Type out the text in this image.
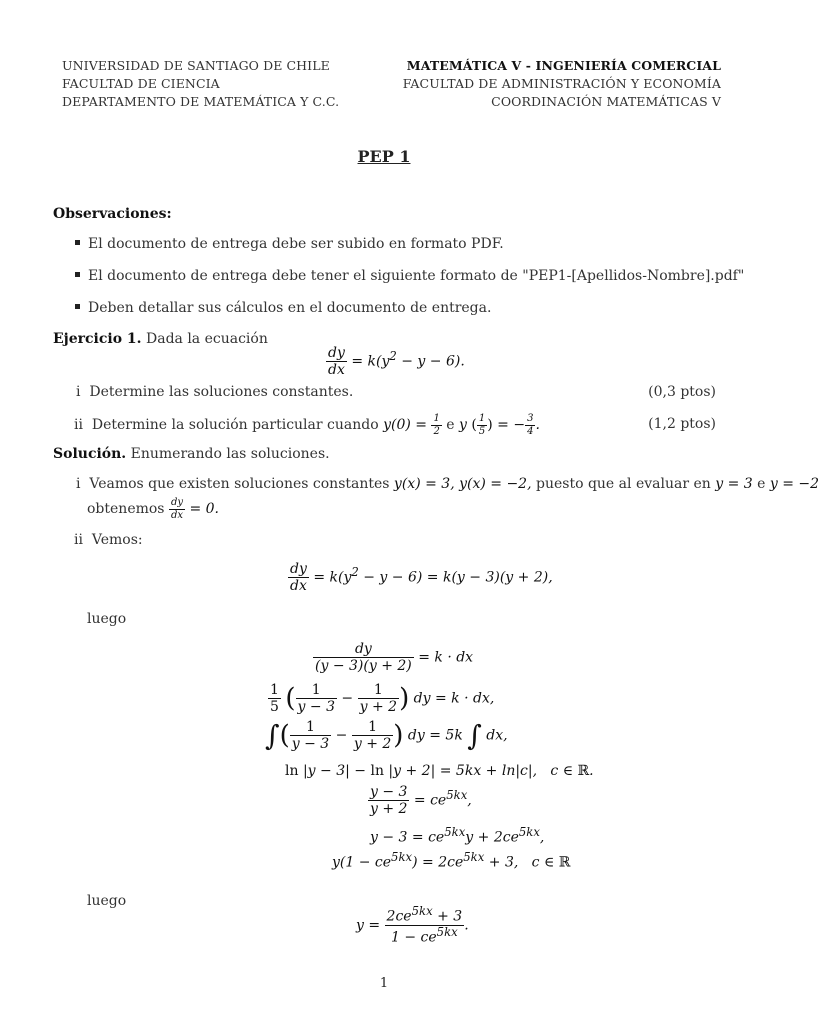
UNIVERSIDAD DE SANTIAGO DE CHILE
FACULTAD DE CIENCIA
DEPARTAMENTO DE MATEMÁTICA Y C.C.
MATEMÁTICA V - INGENIERÍA COMERCIAL
FACULTAD DE ADMINISTRACIÓN Y ECONOMÍA
COORDINACIÓN MATEMÁTICAS V
PEP 1
Observaciones:
El documento de entrega debe ser subido en formato PDF.
El documento de entrega debe tener el siguiente formato de "PEP1-[Apellidos-Nombre].pdf"
Deben detallar sus cálculos en el documento de entrega.
Ejercicio 1. Dada la ecuación
$\frac{dy}{dx} = k(y^2 - y - 6)$.
i Determine las soluciones constantes.	(0,3 ptos)
ii Determine la solución particular cuando $y(0) = \frac{1}{2}$ e y ( $\frac{1}{5}$ ) = − $\frac{3}{4}$ .	(1,2 ptos)
Solución. Enumerando las soluciones.
i Veamos que existen soluciones constantes y(x) = 3, y(x) = −2, puesto que al evaluar en y = 3 e y = −2
obtenemos $\frac{dy}{dx} = 0$.
ii Vemos:
$\frac{dy}{dx} = k(y^2 - y - 6) = k(y - 3)(y + 2)$,
luego
$\frac{dy}{(y - 3)(y + 2)} = k$ · dx
$\frac{1}{5}$ ( $\frac{1}{y - 3} - \frac{1}{y + 2}$ ) dy = k · dx,
∫( $\frac{1}{y - 3} - \frac{1}{y + 2}$ ) dy = 5k ∫ dx,
ln |y − 3| − ln |y + 2| = 5kx + ln|c|,   c ∈ ℝ.
$\frac{y - 3}{y + 2} = ce^{5kx}$,
$y - 3 = ce^{5kx}y + 2ce^{5kx}$,
$y(1 - ce^{5kx}) = 2ce^{5kx} + 3$,   c ∈ ℝ
luego
$y = \frac{2ce^{5kx} + 3}{1 - ce^{5kx}}$ .
1
